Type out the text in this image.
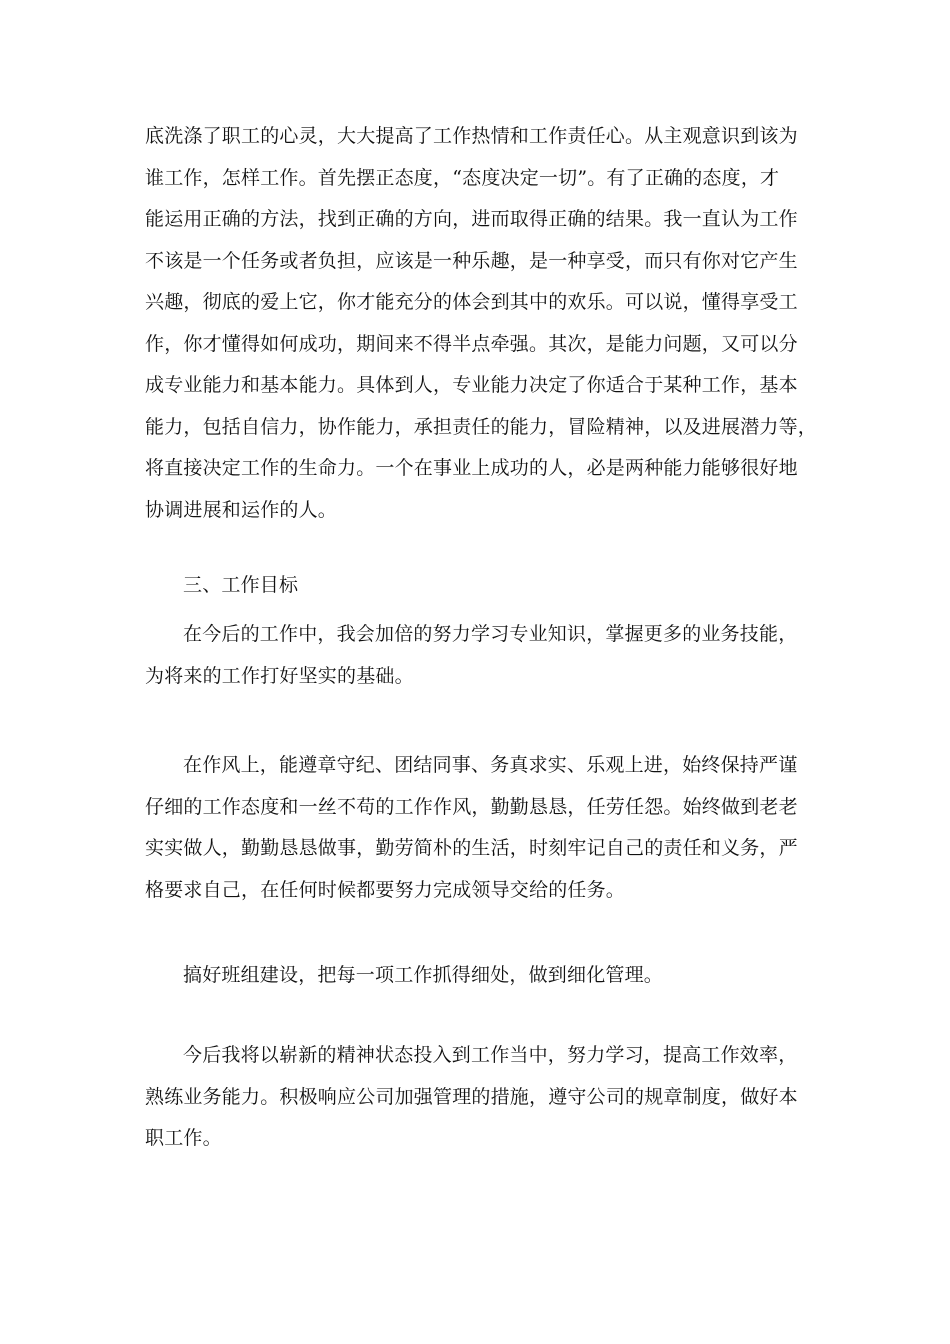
底洗涤了职工的心灵，大大提高了工作热情和工作责任心。从主观意识到该为
谁工作，怎样工作。首先摆正态度，“态度决定一切”。有了正确的态度，才
能运用正确的方法，找到正确的方向，进而取得正确的结果。我一直认为工作
不该是一个任务或者负担，应该是一种乐趣，是一种享受，而只有你对它产生
兴趣，彻底的爱上它，你才能充分的体会到其中的欢乐。可以说，懂得享受工
作，你才懂得如何成功，期间来不得半点牵强。其次，是能力问题，又可以分
成专业能力和基本能力。具体到人，专业能力决定了你适合于某种工作，基本
能力，包括自信力，协作能力，承担责任的能力，冒险精神，以及进展潜力等，
将直接决定工作的生命力。一个在事业上成功的人，必是两种能力能够很好地
协调进展和运作的人。
三、工作目标
在今后的工作中，我会加倍的努力学习专业知识，掌握更多的业务技能，
为将来的工作打好坚实的基础。
在作风上，能遵章守纪、团结同事、务真求实、乐观上进，始终保持严谨
仔细的工作态度和一丝不苟的工作作风，勤勤恳恳，任劳任怨。始终做到老老
实实做人，勤勤恳恳做事，勤劳简朴的生活，时刻牢记自己的责任和义务，严
格要求自己，在任何时候都要努力完成领导交给的任务。
搞好班组建设，把每一项工作抓得细处，做到细化管理。
今后我将以崭新的精神状态投入到工作当中，努力学习，提高工作效率，
熟练业务能力。积极响应公司加强管理的措施，遵守公司的规章制度，做好本
职工作。
